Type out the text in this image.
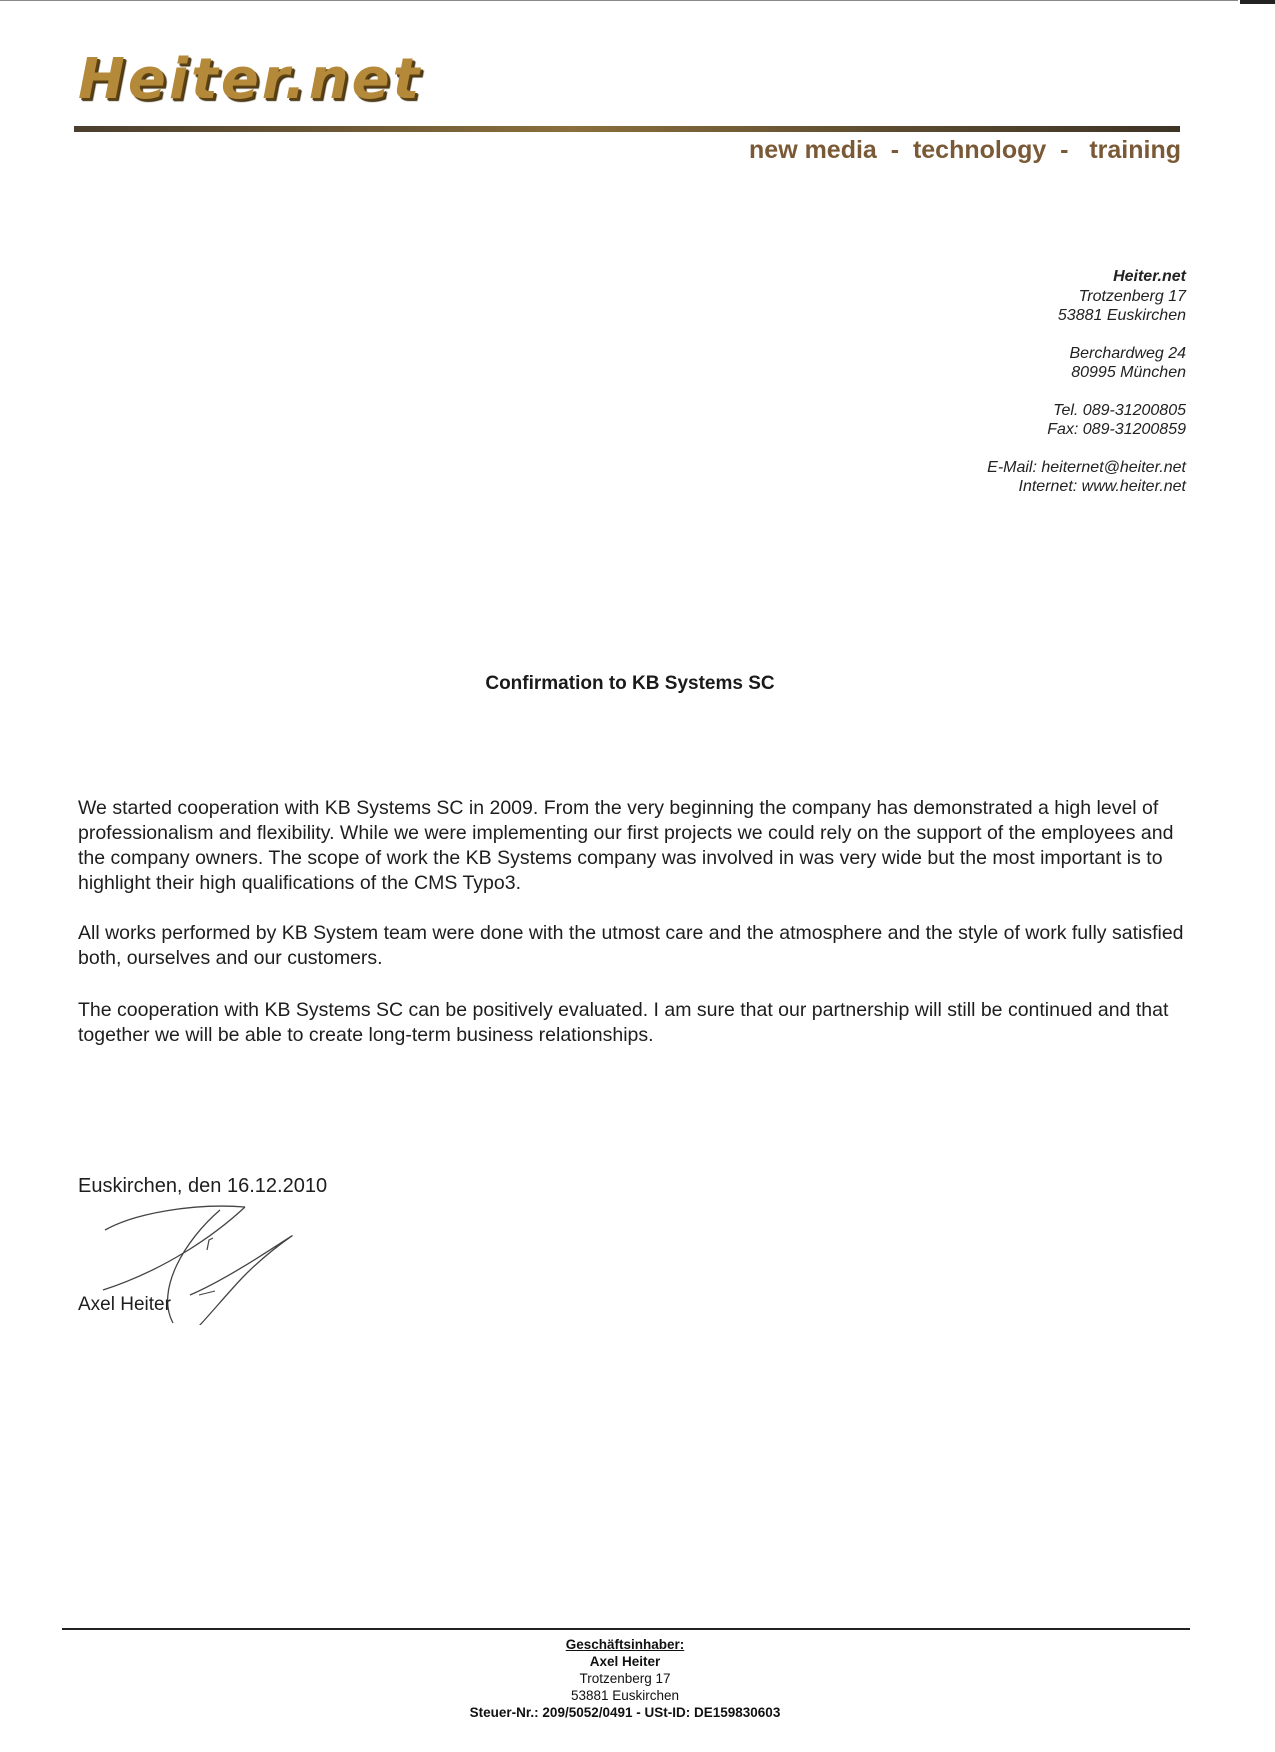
Heiter.net
new media  -  technology  -   training
Heiter.net
Trotzenberg 17
53881 Euskirchen
Berchardweg 24
80995 München
Tel. 089-31200805
Fax: 089-31200859
E-Mail: heiternet@heiter.net
Internet: www.heiter.net
Confirmation to KB Systems SC
We started cooperation with KB Systems SC in 2009. From the very beginning the company has demonstrated a high level of professionalism and flexibility. While we were implementing our first projects we could rely on the support of the employees and the company owners. The scope of work the KB Systems company was involved in was very wide but the most important is to highlight their high qualifications of the CMS Typo3.
All works performed by KB System team were done with the utmost care and the atmosphere and the style of work fully satisfied both, ourselves and our customers.
The cooperation with KB Systems SC can be positively evaluated. I am sure that our partnership will still be continued and that together we will be able to create long-term business relationships.
Euskirchen, den 16.12.2010
Axel Heiter
Geschäftsinhaber:
Axel Heiter
Trotzenberg 17
53881 Euskirchen
Steuer-Nr.: 209/5052/0491 - USt-ID: DE159830603
